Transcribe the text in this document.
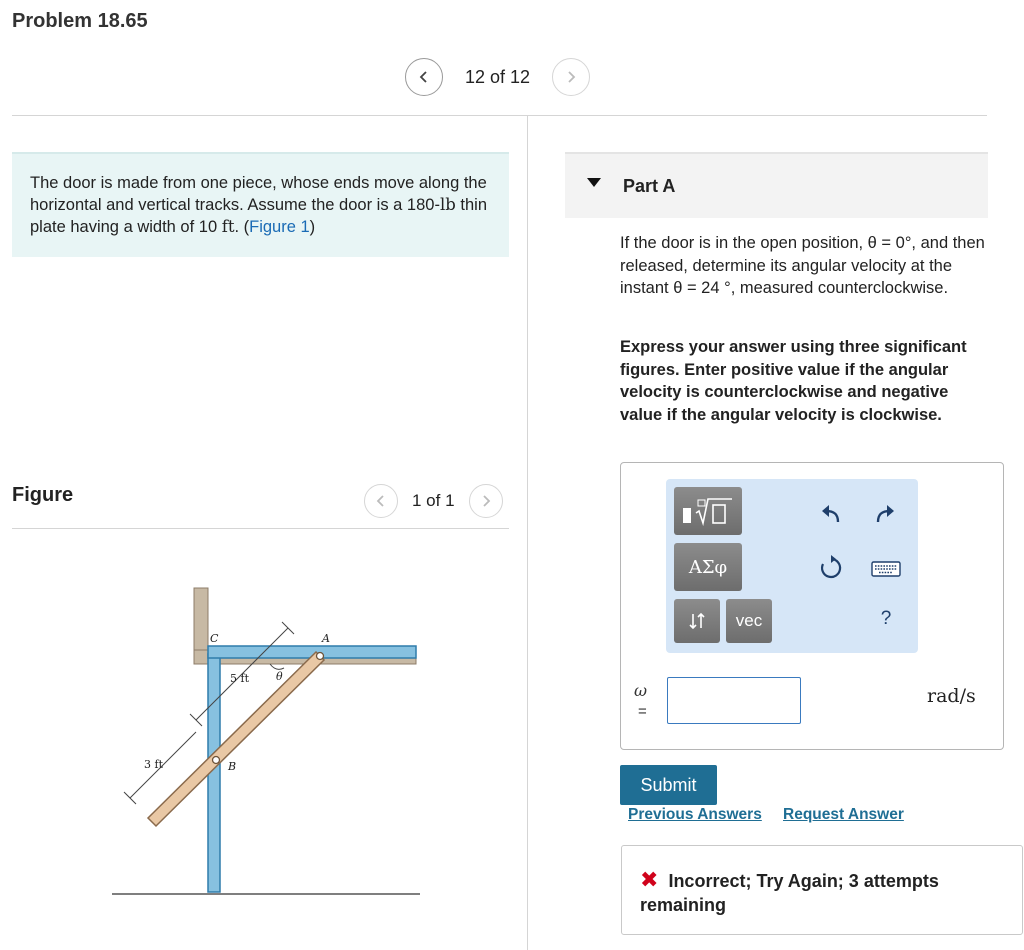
Problem 18.65
12 of 12
The door is made from one piece, whose ends move along the horizontal and vertical tracks. Assume the door is a 180-lb thin plate having a width of 10 ft. (Figure 1)
Figure	1 of 1
C	A
B
θ
5 ft
3 ft
Part A
If the door is in the open position, θ = 0°, and then released, determine its angular velocity at the instant θ = 24 °, measured counterclockwise.
Express your answer using three significant figures. Enter positive value if the angular velocity is counterclockwise and negative value if the angular velocity is clockwise.
ΑΣφ
vec	?
ω
=
rad/s
Submit
Previous Answers Request Answer
✖ Incorrect; Try Again; 3 attempts remaining
